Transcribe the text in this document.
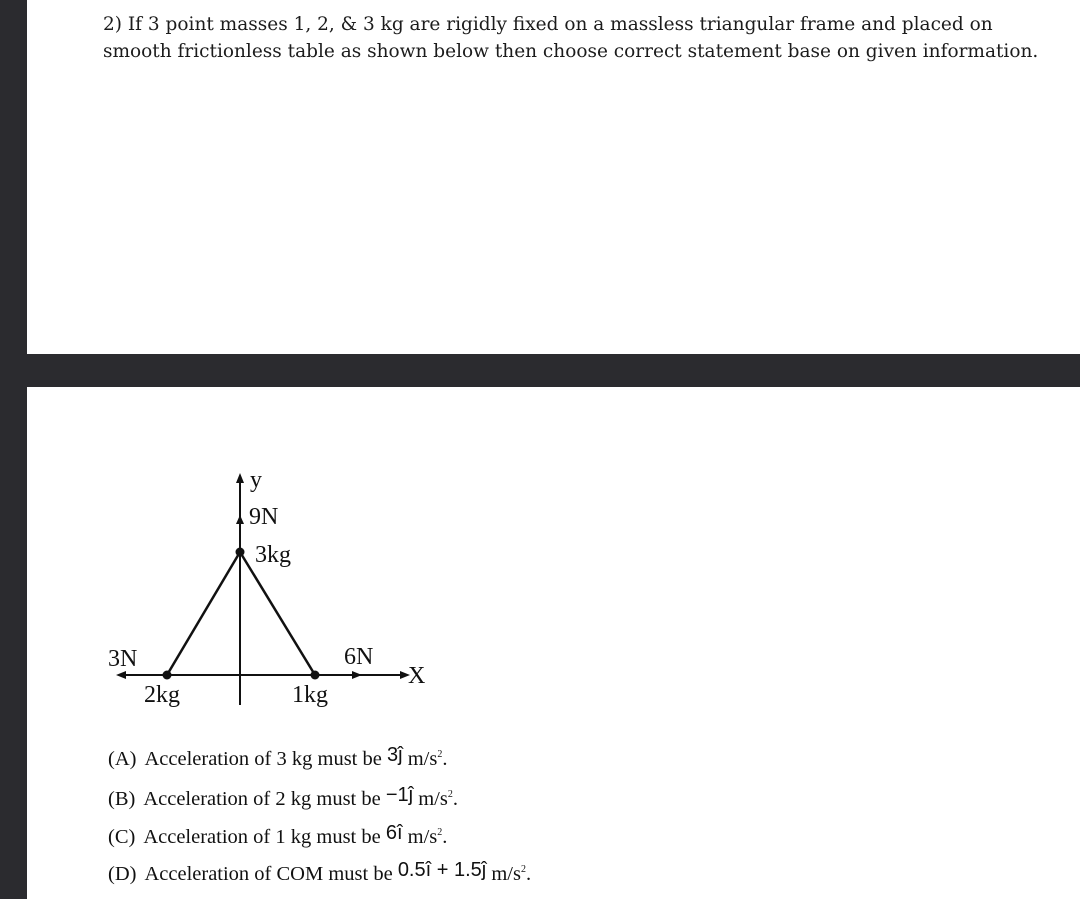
2) If 3 point masses 1, 2, & 3 kg are rigidly fixed on a massless triangular frame and placed on
smooth frictionless table as shown below then choose correct statement base on given information.
y
9N
3kg
3N	6N
X
2kg	1kg
(A) Acceleration of 3 kg must be 3ĵ $m/s^2$.
(B) Acceleration of 2 kg must be −1ĵ $m/s^2$.
(C) Acceleration of 1 kg must be 6î $m/s^2$.
(D) Acceleration of COM must be 0.5î + 1.5ĵ $m/s^2$.
